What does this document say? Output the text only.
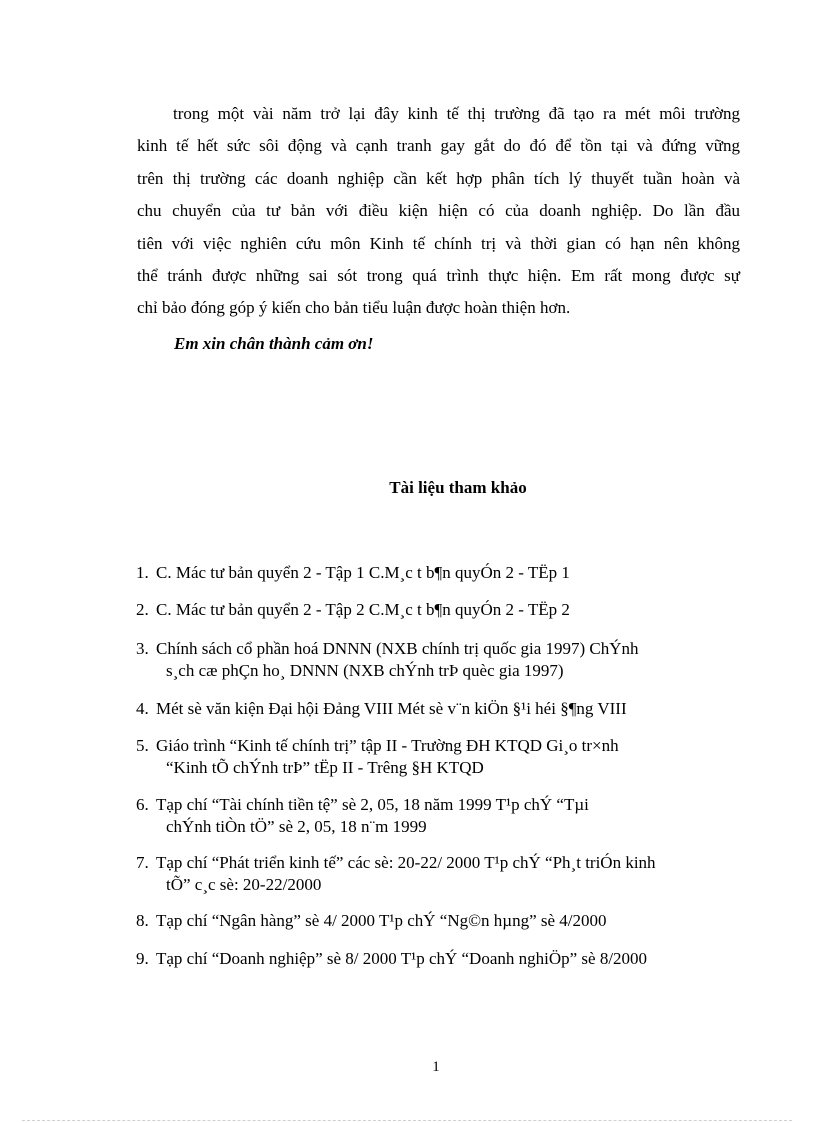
trong một vài năm trở lại đây kinh tế thị trường đã tạo ra mét môi trường
kinh tế hết sức sôi động và cạnh tranh gay gắt do đó để tồn tại và đứng vững
trên thị trường các doanh nghiệp cần kết hợp phân tích lý thuyết tuần hoàn và
chu chuyển của tư bản với điều kiện hiện có của doanh nghiệp. Do lần đầu
tiên với việc nghiên cứu môn Kinh tế chính trị và thời gian có hạn nên không
thể tránh được những sai sót trong quá trình thực hiện. Em rất mong được sự
chỉ bảo đóng góp ý kiến cho bản tiểu luận được hoàn thiện hơn.
Em xin chân thành cảm ơn!
Tài liệu tham khảo
1. C. Mác tư bản quyển 2 - Tập 1 C.M¸c t b¶n quyÓn 2 - TËp 1
2. C. Mác tư bản quyển 2 - Tập 2 C.M¸c t b¶n quyÓn 2 - TËp 2
3. Chính sách cổ phần hoá DNNN (NXB chính trị quốc gia 1997) ChÝnh
s¸ch cæ phÇn ho¸ DNNN (NXB chÝnh trÞ quèc gia 1997)
4. Mét sè văn kiện Đại hội Đảng VIII Mét sè v¨n kiÖn §¹i héi §¶ng VIII
5. Giáo trình “Kinh tế chính trị” tập II - Trường ĐH KTQD Gi¸o tr×nh
“Kinh tÕ chÝnh trÞ” tËp II - Trêng §H KTQD
6. Tạp chí “Tài chính tiền tệ” sè 2, 05, 18 năm 1999 T¹p chÝ “Tµi
chÝnh tiÒn tÖ” sè 2, 05, 18 n¨m 1999
7. Tạp chí “Phát triển kinh tế” các sè: 20-22/ 2000 T¹p chÝ “Ph¸t triÓn kinh
tÕ” c¸c sè: 20-22/2000
8. Tạp chí “Ngân hàng” sè 4/ 2000 T¹p chÝ “Ng©n hµng” sè 4/2000
9. Tạp chí “Doanh nghiệp” sè 8/ 2000 T¹p chÝ “Doanh nghiÖp” sè 8/2000
1
